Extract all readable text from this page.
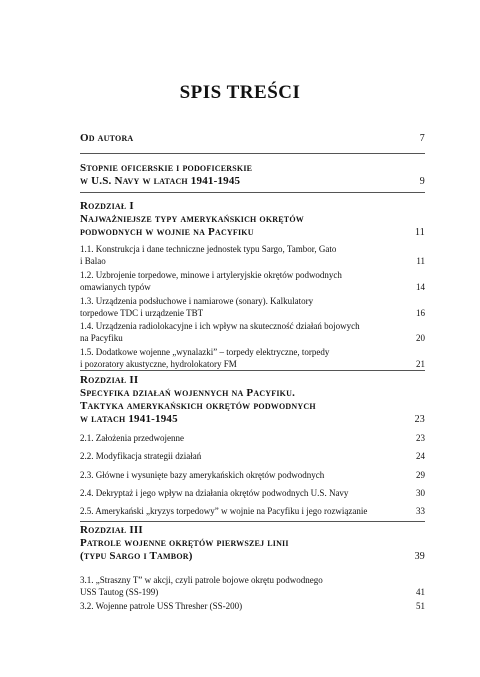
SPIS TREŚCI
Od autora	7
Stopnie oficerskie i podoficerskie
w U.S. Navy w latach 1941-1945	9
Rozdział I
Najważniejsze typy amerykańskich okrętów
podwodnych w wojnie na Pacyfiku	11
1.1. Konstrukcja i dane techniczne jednostek typu Sargo, Tambor, Gato
i Balao	11
1.2. Uzbrojenie torpedowe, minowe i artyleryjskie okrętów podwodnych
omawianych typów	14
1.3. Urządzenia podsłuchowe i namiarowe (sonary). Kalkulatory
torpedowe TDC i urządzenie TBT	16
1.4. Urządzenia radiolokacyjne i ich wpływ na skuteczność działań bojowych
na Pacyfiku	20
1.5. Dodatkowe wojenne „wynalazki” – torpedy elektryczne, torpedy
i pozoratory akustyczne, hydrolokatory FM	21
Rozdział II
Specyfika działań wojennych na Pacyfiku.
Taktyka amerykańskich okrętów podwodnych
w latach 1941-1945	23
2.1. Założenia przedwojenne	23
2.2. Modyfikacja strategii działań	24
2.3. Główne i wysunięte bazy amerykańskich okrętów podwodnych	29
2.4. Dekryptaż i jego wpływ na działania okrętów podwodnych U.S. Navy	30
2.5. Amerykański „kryzys torpedowy” w wojnie na Pacyfiku i jego rozwiązanie	33
Rozdział III
Patrole wojenne okrętów pierwszej linii
(typu Sargo i Tambor)	39
3.1. „Straszny T” w akcji, czyli patrole bojowe okrętu podwodnego
USS Tautog (SS-199)	41
3.2. Wojenne patrole USS Thresher (SS-200)	51
